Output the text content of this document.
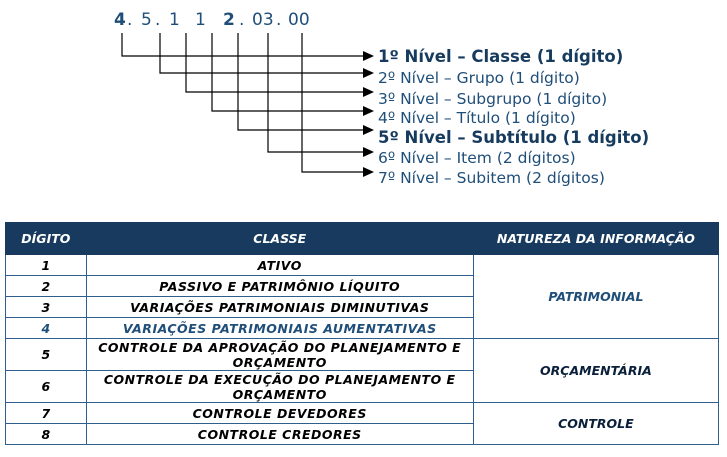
4 . 5 . 1 1 2 . 03 . 00
1º Nível – Classe (1 dígito)
2º Nível – Grupo (1 dígito)
3º Nível – Subgrupo (1 dígito)
4º Nível – Título (1 dígito)
5º Nível – Subtítulo (1 dígito)
6º Nível – Item (2 dígitos)
7º Nível – Subitem (2 dígitos)
DÍGITO	CLASSE	NATUREZA DA INFORMAÇÃO
1	ATIVO	PATRIMONIAL
2	PASSIVO E PATRIMÔNIO LÍQUITO	
3	VARIAÇÕES PATRIMONIAIS DIMINUTIVAS	
4	VARIAÇÕES PATRIMONIAIS AUMENTATIVAS	
5	CONTROLE DA APROVAÇÃO DO PLANEJAMENTO E ORÇAMENTO	ORÇAMENTÁRIA
6	CONTROLE DA EXECUÇÃO DO PLANEJAMENTO E ORÇAMENTO	
7	CONTROLE DEVEDORES	CONTROLE
8	CONTROLE CREDORES	
